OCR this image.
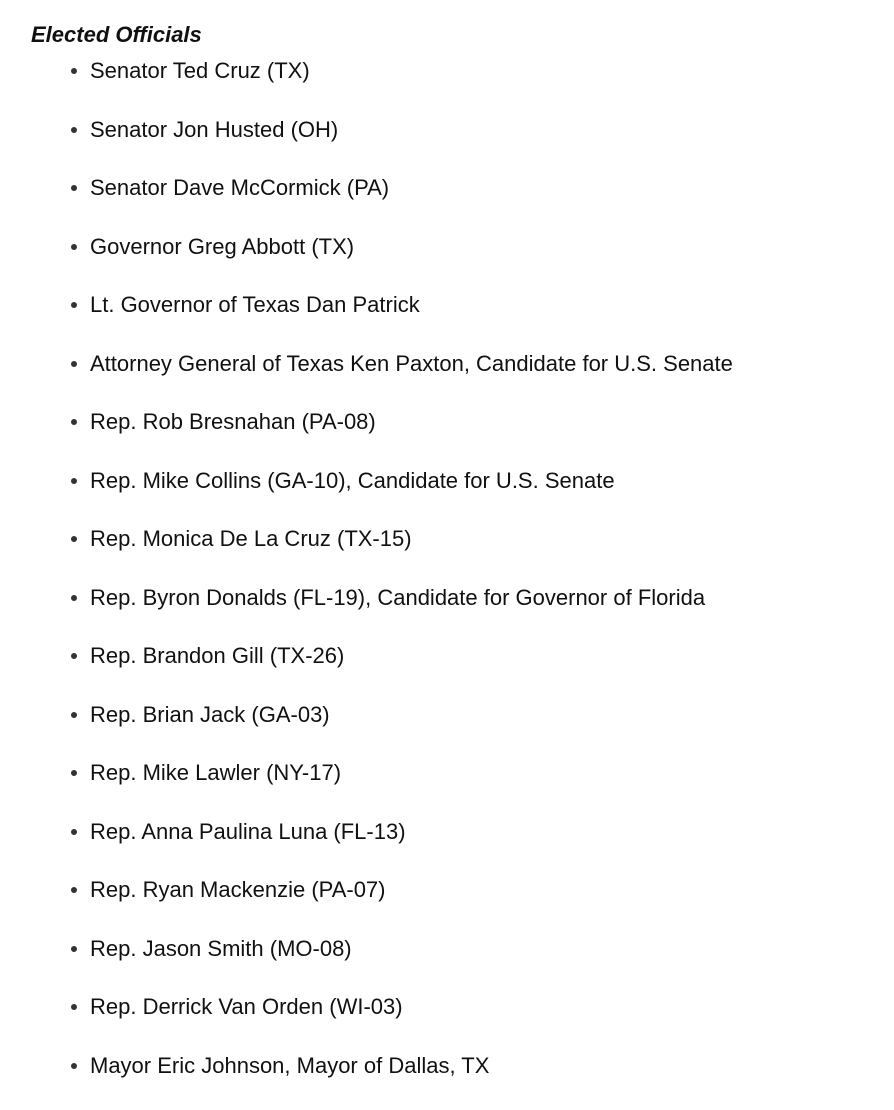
Elected Officials
Senator Ted Cruz (TX)
Senator Jon Husted (OH)
Senator Dave McCormick (PA)
Governor Greg Abbott (TX)
Lt. Governor of Texas Dan Patrick
Attorney General of Texas Ken Paxton, Candidate for U.S. Senate
Rep. Rob Bresnahan (PA-08)
Rep. Mike Collins (GA-10), Candidate for U.S. Senate
Rep. Monica De La Cruz (TX-15)
Rep. Byron Donalds (FL-19), Candidate for Governor of Florida
Rep. Brandon Gill (TX-26)
Rep. Brian Jack (GA-03)
Rep. Mike Lawler (NY-17)
Rep. Anna Paulina Luna (FL-13)
Rep. Ryan Mackenzie (PA-07)
Rep. Jason Smith (MO-08)
Rep. Derrick Van Orden (WI-03)
Mayor Eric Johnson, Mayor of Dallas, TX
